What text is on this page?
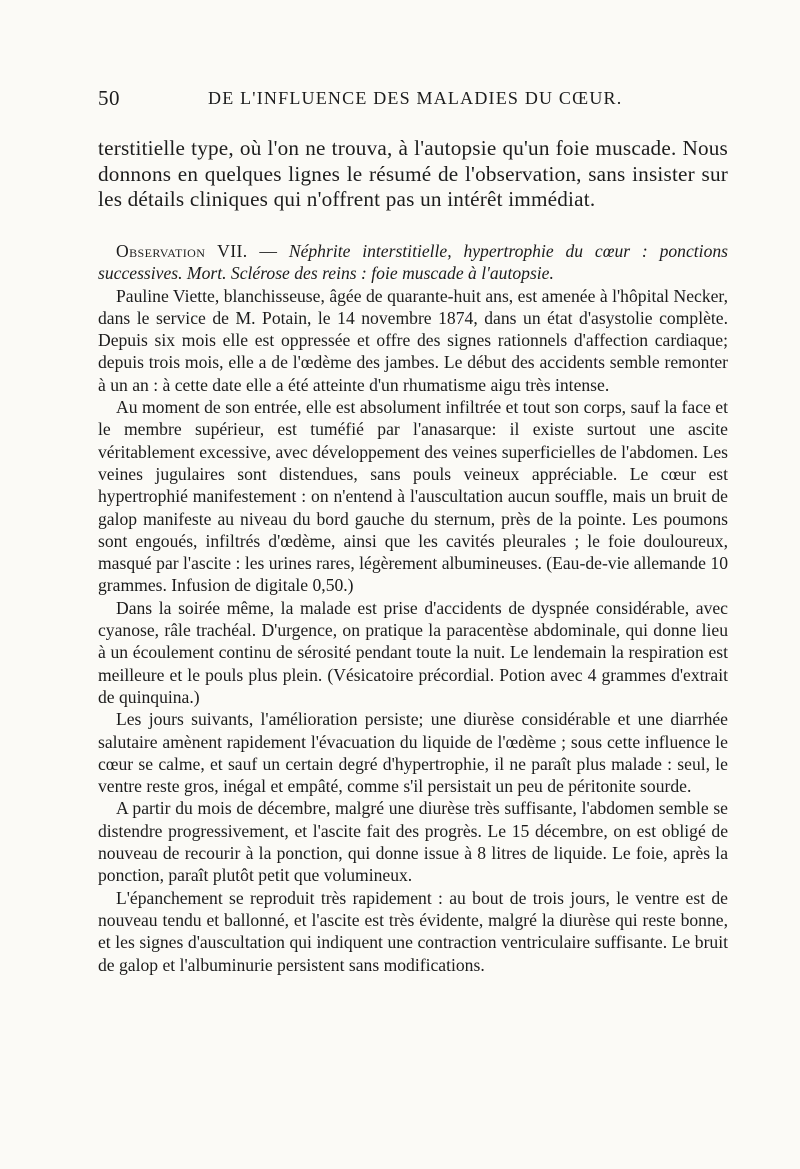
50	DE L'INFLUENCE DES MALADIES DU CŒUR.
terstitielle type, où l'on ne trouva, à l'autopsie qu'un foie muscade. Nous donnons en quelques lignes le résumé de l'observation, sans insister sur les détails cliniques qui n'offrent pas un intérêt immédiat.

Observation VII. — Néphrite interstitielle, hypertrophie du cœur : ponctions successives. Mort. Sclérose des reins : foie muscade à l'autopsie.

Pauline Viette, blanchisseuse, âgée de quarante-huit ans, est amenée à l'hôpital Necker, dans le service de M. Potain, le 14 novembre 1874, dans un état d'asystolie complète. Depuis six mois elle est oppressée et offre des signes rationnels d'affection cardiaque; depuis trois mois, elle a de l'œdème des jambes. Le début des accidents semble remonter à un an : à cette date elle a été atteinte d'un rhumatisme aigu très intense.

Au moment de son entrée, elle est absolument infiltrée et tout son corps, sauf la face et le membre supérieur, est tuméfié par l'anasarque: il existe surtout une ascite véritablement excessive, avec développement des veines superficielles de l'abdomen. Les veines jugulaires sont distendues, sans pouls veineux appréciable. Le cœur est hypertrophié manifestement : on n'entend à l'auscultation aucun souffle, mais un bruit de galop manifeste au niveau du bord gauche du sternum, près de la pointe. Les poumons sont engoués, infiltrés d'œdème, ainsi que les cavités pleurales ; le foie douloureux, masqué par l'ascite : les urines rares, légèrement albumineuses. (Eau-de-vie allemande 10 grammes. Infusion de digitale 0,50.)

Dans la soirée même, la malade est prise d'accidents de dyspnée considérable, avec cyanose, râle trachéal. D'urgence, on pratique la paracentèse abdominale, qui donne lieu à un écoulement continu de sérosité pendant toute la nuit. Le lendemain la respiration est meilleure et le pouls plus plein. (Vésicatoire précordial. Potion avec 4 grammes d'extrait de quinquina.)

Les jours suivants, l'amélioration persiste; une diurèse considérable et une diarrhée salutaire amènent rapidement l'évacuation du liquide de l'œdème ; sous cette influence le cœur se calme, et sauf un certain degré d'hypertrophie, il ne paraît plus malade : seul, le ventre reste gros, inégal et empâté, comme s'il persistait un peu de péritonite sourde.

A partir du mois de décembre, malgré une diurèse très suffisante, l'abdomen semble se distendre progressivement, et l'ascite fait des progrès. Le 15 décembre, on est obligé de nouveau de recourir à la ponction, qui donne issue à 8 litres de liquide. Le foie, après la ponction, paraît plutôt petit que volumineux.

L'épanchement se reproduit très rapidement : au bout de trois jours, le ventre est de nouveau tendu et ballonné, et l'ascite est très évidente, malgré la diurèse qui reste bonne, et les signes d'auscultation qui indiquent une contraction ventriculaire suffisante. Le bruit de galop et l'albuminurie persistent sans modifications.
